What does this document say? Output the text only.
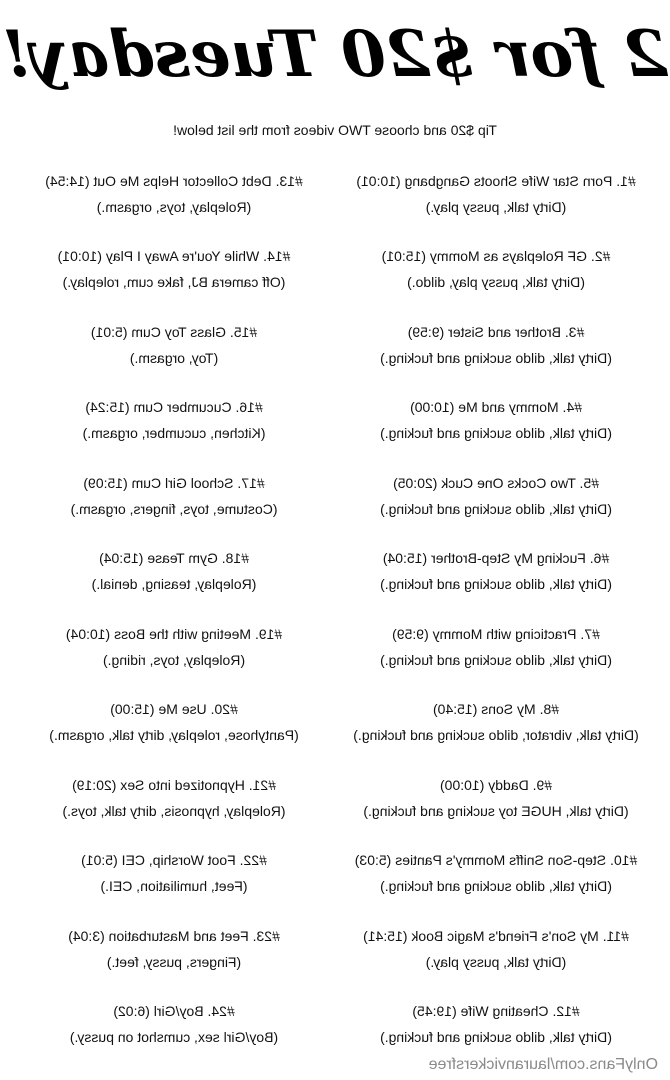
2 for $20 Tuesday!

Tip $20 and choose TWO videos from the list below!

#1. Porn Star Wife Shoots Gangbang (10:01)
(Dirty talk, pussy play.)
#2. GF Roleplays as Mommy (15:01)
(Dirty talk, pussy play, dildo.)
#3. Brother and Sister (9:59)
(Dirty talk, dildo sucking and fucking.)
#4. Mommy and Me (10:00)
(Dirty talk, dildo sucking and fucking.)
#5. Two Cocks One Cuck (20:05)
(Dirty talk, dildo sucking and fucking.)
#6. Fucking My Step-Brother (15:04)
(Dirty talk, dildo sucking and fucking.)
#7. Practicing with Mommy (9:59)
(Dirty talk, dildo sucking and fucking.)
#8. My Sons (15:40)
(Dirty talk, vibrator, dildo sucking and fucking.)
#9. Daddy (10:00)
(Dirty talk, HUGE toy sucking and fucking.)
#10. Step-Son Sniffs Mommy's Panties (5:03)
(Dirty talk, dildo sucking and fucking.)
#11. My Son's Friend's Magic Book (15:41)
(Dirty talk, pussy play.)
#12. Cheating Wife (19:45)
(Dirty talk, dildo sucking and fucking.)
#13. Debt Collector Helps Me Out (14:54)
(Roleplay, toys, orgasm.)
#14. While You're Away I Play (10:01)
(Off camera BJ, fake cum, roleplay.)
#15. Glass Toy Cum (5:01)
(Toy, orgasm.)
#16. Cucumber Cum (15:24)
(Kitchen, cucumber, orgasm.)
#17. School Girl Cum (15:09)
(Costume, toys, fingers, orgasm.)
#18. Gym Tease (15:04)
(Roleplay, teasing, denial.)
#19. Meeting with the Boss (10:04)
(Roleplay, toys, riding.)
#20. Use Me (15:00)
(Pantyhose, roleplay, dirty talk, orgasm.)
#21. Hypnotized into Sex (20:19)
(Roleplay, hypnosis, dirty talk, toys.)
#22. Foot Worship, CEI (5:01)
(Feet, humiliation, CEI.)
#23. Feet and Masturbation (3:04)
(Fingers, pussy, feet.)
#24. Boy/Girl (6:02)
(Boy/Girl sex, cumshot on pussy.)

OnlyFans.com/lauranvickersfree
